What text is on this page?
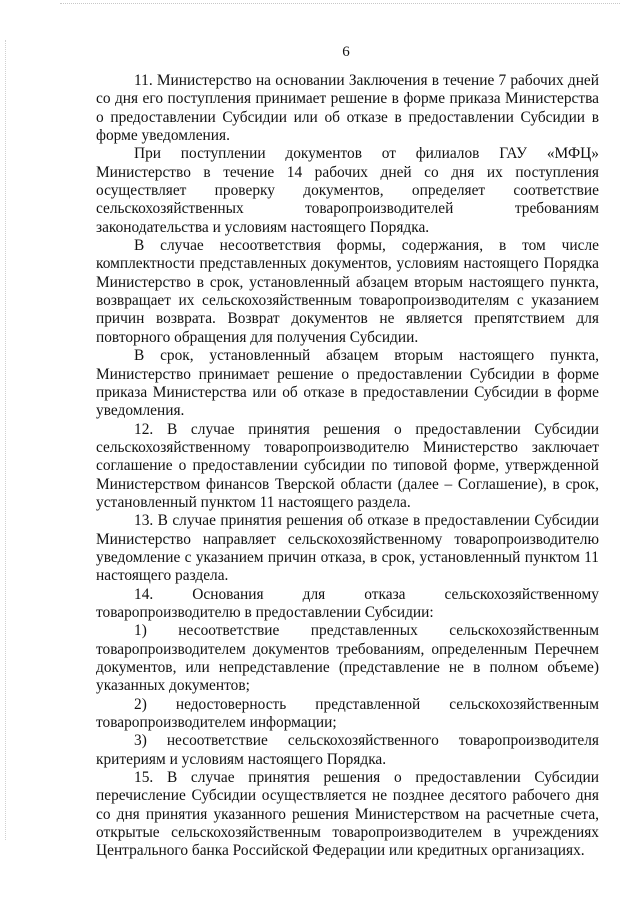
6

11. Министерство на основании Заключения в течение 7 рабочих дней со дня его поступления принимает решение в форме приказа Министерства о предоставлении Субсидии или об отказе в предоставлении Субсидии в форме уведомления.

При поступлении документов от филиалов ГАУ «МФЦ» Министерство в течение 14 рабочих дней со дня их поступления осуществляет проверку документов, определяет соответствие сельскохозяйственных товаропроизводителей требованиям законодательства и условиям настоящего Порядка.

В случае несоответствия формы, содержания, в том числе комплектности представленных документов, условиям настоящего Порядка Министерство в срок, установленный абзацем вторым настоящего пункта, возвращает их сельскохозяйственным товаропроизводителям с указанием причин возврата. Возврат документов не является препятствием для повторного обращения для получения Субсидии.

В срок, установленный абзацем вторым настоящего пункта, Министерство принимает решение о предоставлении Субсидии в форме приказа Министерства или об отказе в предоставлении Субсидии в форме уведомления.

12. В случае принятия решения о предоставлении Субсидии сельскохозяйственному товаропроизводителю Министерство заключает соглашение о предоставлении субсидии по типовой форме, утвержденной Министерством финансов Тверской области (далее – Соглашение), в срок, установленный пунктом 11 настоящего раздела.

13. В случае принятия решения об отказе в предоставлении Субсидии Министерство направляет сельскохозяйственному товаропроизводителю уведомление с указанием причин отказа, в срок, установленный пунктом 11 настоящего раздела.

14. Основания для отказа сельскохозяйственному товаропроизводителю в предоставлении Субсидии:

1) несоответствие представленных сельскохозяйственным товаропроизводителем документов требованиям, определенным Перечнем документов, или непредставление (представление не в полном объеме) указанных документов;

2) недостоверность представленной сельскохозяйственным товаропроизводителем информации;

3) несоответствие сельскохозяйственного товаропроизводителя критериям и условиям настоящего Порядка.

15. В случае принятия решения о предоставлении Субсидии перечисление Субсидии осуществляется не позднее десятого рабочего дня со дня принятия указанного решения Министерством на расчетные счета, открытые сельскохозяйственным товаропроизводителем в учреждениях Центрального банка Российской Федерации или кредитных организациях.
